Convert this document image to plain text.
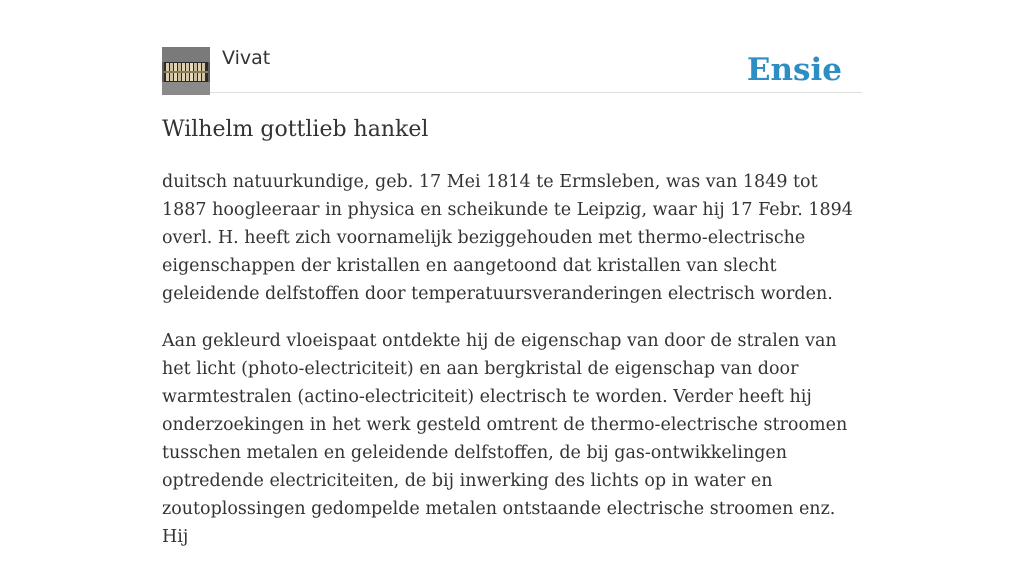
Vivat	Ensie
Wilhelm gottlieb hankel

duitsch natuurkundige, geb. 17 Mei 1814 te Ermsleben, was van 1849 tot 1887 hoogleeraar in physica en scheikunde te Leipzig, waar hij 17 Febr. 1894 overl. H. heeft zich voornamelijk beziggehouden met thermo-electrische eigenschappen der kristallen en aangetoond dat kristallen van slecht geleidende delfstoffen door temperatuursveranderingen electrisch worden.

Aan gekleurd vloeispaat ontdekte hij de eigenschap van door de stralen van het licht (photo-electriciteit) en aan bergkristal de eigenschap van door warmtestralen (actino-electriciteit) electrisch te worden. Verder heeft hij onderzoekingen in het werk gesteld omtrent de thermo-electrische stroomen tusschen metalen en geleidende delfstoffen, de bij gas-ontwikkelingen optredende electriciteiten, de bij inwerking des lichts op in water en zoutoplossingen gedompelde metalen ontstaande electrische stroomen enz. Hij
